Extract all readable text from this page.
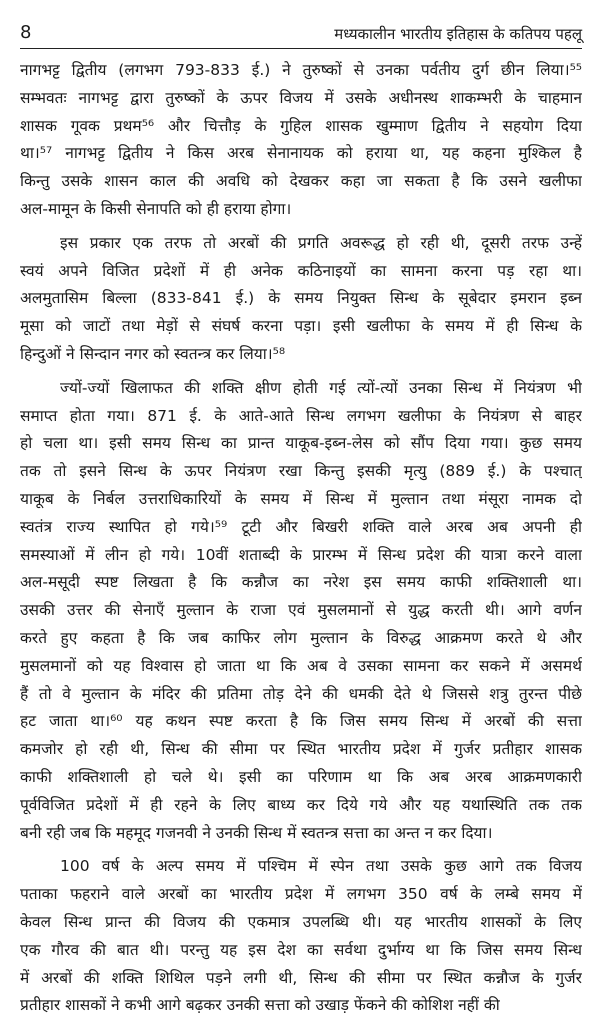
8	मध्यकालीन भारतीय इतिहास के कतिपय पहलू
नागभट्ट द्वितीय (लगभग 793-833 ई.) ने तुरुष्कों से उनका पर्वतीय दुर्ग छीन लिया।⁵⁵
सम्भवतः नागभट्ट द्वारा तुरुष्कों के ऊपर विजय में उसके अधीनस्थ शाकम्भरी के चाहमान
शासक गूवक प्रथम⁵⁶ और चित्तौड़ के गुहिल शासक खुम्माण द्वितीय ने सहयोग दिया
था।⁵⁷ नागभट्ट द्वितीय ने किस अरब सेनानायक को हराया था, यह कहना मुश्किल है
किन्तु उसके शासन काल की अवधि को देखकर कहा जा सकता है कि उसने खलीफा
अल-मामून के किसी सेनापति को ही हराया होगा।
इस प्रकार एक तरफ तो अरबों की प्रगति अवरूद्ध हो रही थी, दूसरी तरफ उन्हें
स्वयं अपने विजित प्रदेशों में ही अनेक कठिनाइयों का सामना करना पड़ रहा था।
अलमुतासिम बिल्ला (833-841 ई.) के समय नियुक्त सिन्ध के सूबेदार इमरान इब्न
मूसा को जाटों तथा मेड़ों से संघर्ष करना पड़ा। इसी खलीफा के समय में ही सिन्ध के
हिन्दुओं ने सिन्दान नगर को स्वतन्त्र कर लिया।⁵⁸
ज्यों-ज्यों खिलाफत की शक्ति क्षीण होती गई त्यों-त्यों उनका सिन्ध में नियंत्रण भी
समाप्त होता गया। 871 ई. के आते-आते सिन्ध लगभग खलीफा के नियंत्रण से बाहर
हो चला था। इसी समय सिन्ध का प्रान्त याकूब-इब्न-लेस को सौंप दिया गया। कुछ समय
तक तो इसने सिन्ध के ऊपर नियंत्रण रखा किन्तु इसकी मृत्यु (889 ई.) के पश्चात्
याकूब के निर्बल उत्तराधिकारियों के समय में सिन्ध में मुल्तान तथा मंसूरा नामक दो
स्वतंत्र राज्य स्थापित हो गये।⁵⁹ टूटी और बिखरी शक्ति वाले अरब अब अपनी ही
समस्याओं में लीन हो गये। 10वीं शताब्दी के प्रारम्भ में सिन्ध प्रदेश की यात्रा करने वाला
अल-मसूदी स्पष्ट लिखता है कि कन्नौज का नरेश इस समय काफी शक्तिशाली था।
उसकी उत्तर की सेनाएँ मुल्तान के राजा एवं मुसलमानों से युद्ध करती थी। आगे वर्णन
करते हुए कहता है कि जब काफिर लोग मुल्तान के विरुद्ध आक्रमण करते थे और
मुसलमानों को यह विश्वास हो जाता था कि अब वे उसका सामना कर सकने में असमर्थ
हैं तो वे मुल्तान के मंदिर की प्रतिमा तोड़ देने की धमकी देते थे जिससे शत्रु तुरन्त पीछे
हट जाता था।⁶⁰ यह कथन स्पष्ट करता है कि जिस समय सिन्ध में अरबों की सत्ता
कमजोर हो रही थी, सिन्ध की सीमा पर स्थित भारतीय प्रदेश में गुर्जर प्रतीहार शासक
काफी शक्तिशाली हो चले थे। इसी का परिणाम था कि अब अरब आक्रमणकारी
पूर्वविजित प्रदेशों में ही रहने के लिए बाध्य कर दिये गये और यह यथास्थिति तक तक
बनी रही जब कि महमूद गजनवी ने उनकी सिन्ध में स्वतन्त्र सत्ता का अन्त न कर दिया।
100 वर्ष के अल्प समय में पश्चिम में स्पेन तथा उसके कुछ आगे तक विजय
पताका फहराने वाले अरबों का भारतीय प्रदेश में लगभग 350 वर्ष के लम्बे समय में
केवल सिन्ध प्रान्त की विजय की एकमात्र उपलब्धि थी। यह भारतीय शासकों के लिए
एक गौरव की बात थी। परन्तु यह इस देश का सर्वथा दुर्भाग्य था कि जिस समय सिन्ध
में अरबों की शक्ति शिथिल पड़ने लगी थी, सिन्ध की सीमा पर स्थित कन्नौज के गुर्जर
प्रतीहार शासकों ने कभी आगे बढ़कर उनकी सत्ता को उखाड़ फेंकने की कोशिश नहीं की
